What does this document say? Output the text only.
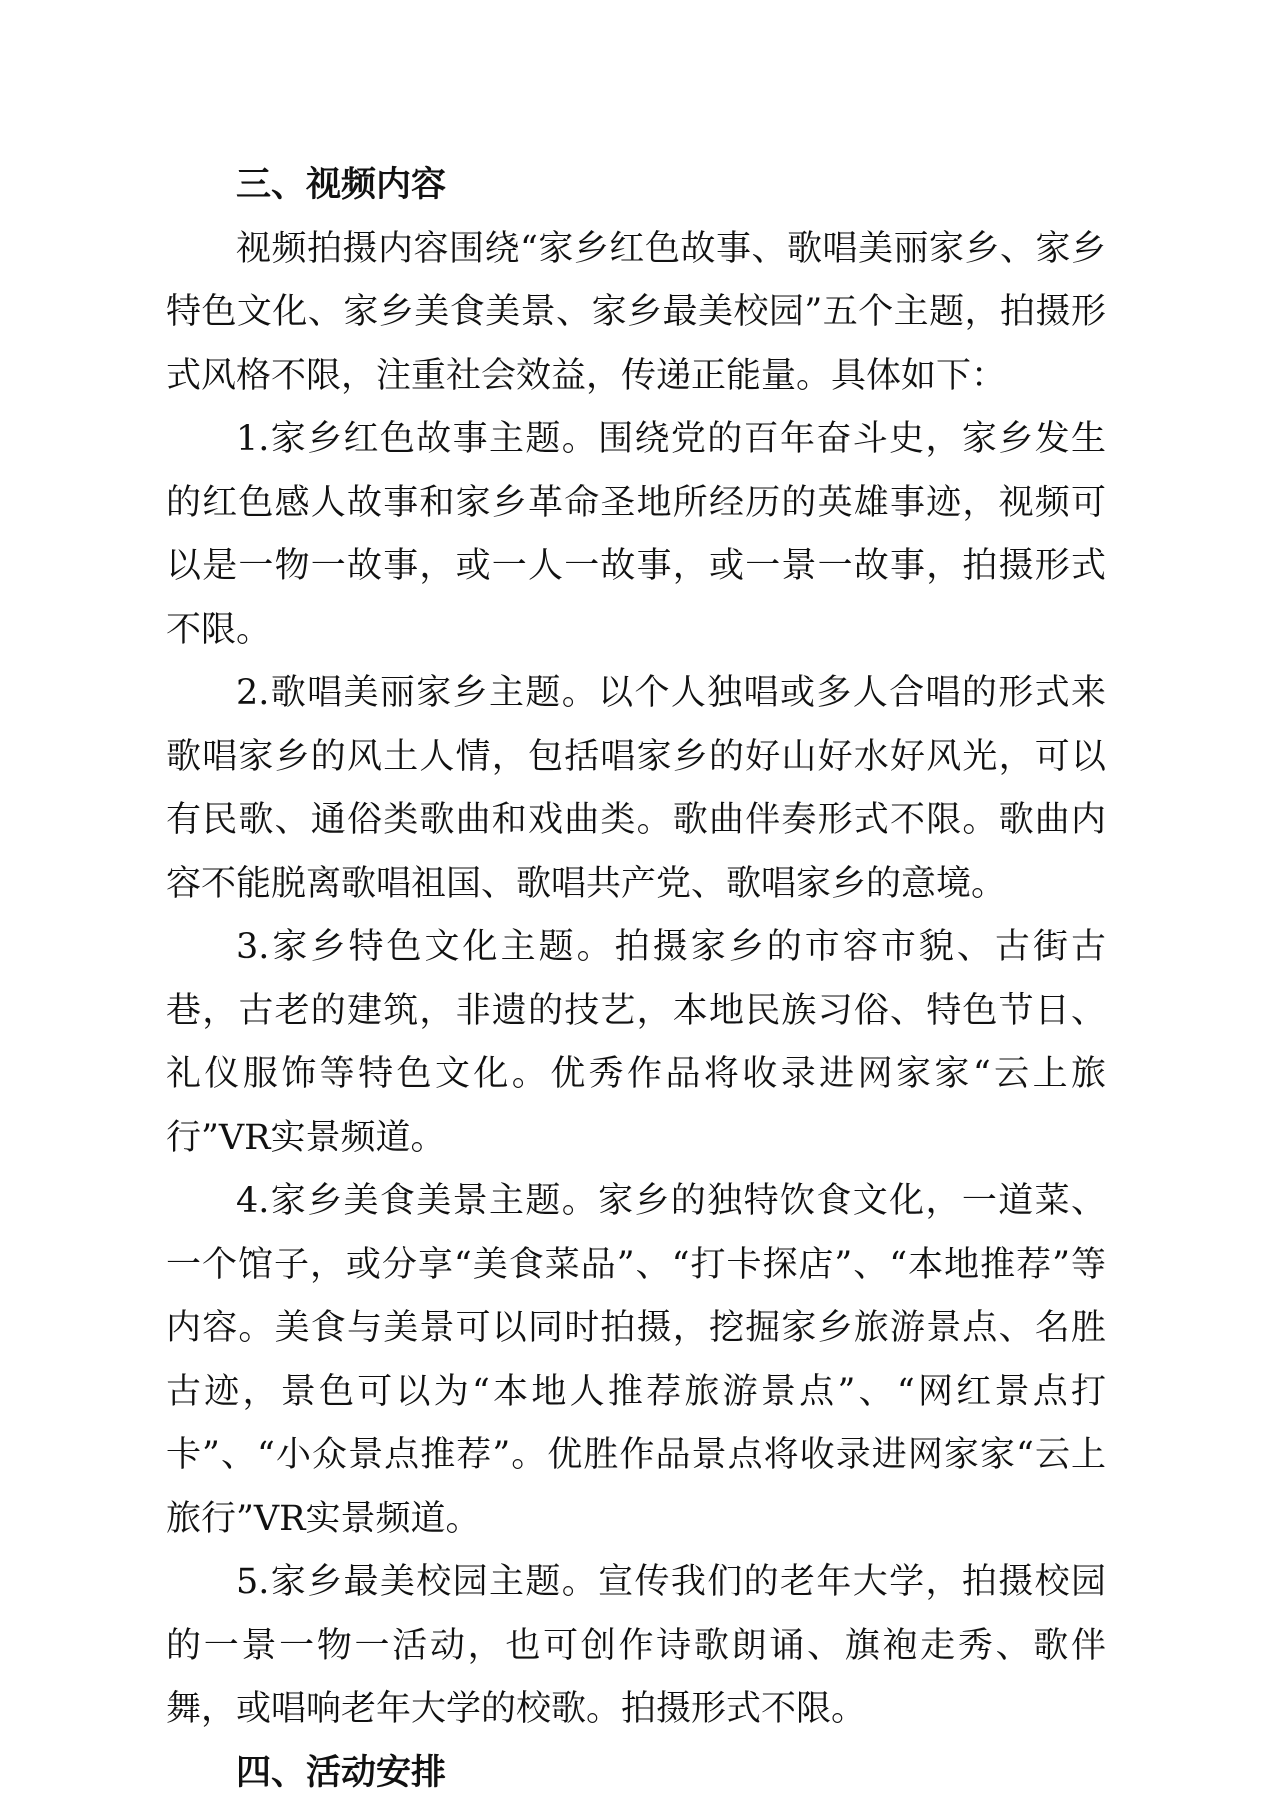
三、视频内容

视频拍摄内容围绕“家乡红色故事、歌唱美丽家乡、家乡特色文化、家乡美食美景、家乡最美校园”五个主题，拍摄形式风格不限，注重社会效益，传递正能量。具体如下：

1.家乡红色故事主题。围绕党的百年奋斗史，家乡发生的红色感人故事和家乡革命圣地所经历的英雄事迹，视频可以是一物一故事，或一人一故事，或一景一故事，拍摄形式不限。

2.歌唱美丽家乡主题。以个人独唱或多人合唱的形式来歌唱家乡的风土人情，包括唱家乡的好山好水好风光，可以有民歌、通俗类歌曲和戏曲类。歌曲伴奏形式不限。歌曲内容不能脱离歌唱祖国、歌唱共产党、歌唱家乡的意境。

3.家乡特色文化主题。拍摄家乡的市容市貌、古街古巷，古老的建筑，非遗的技艺，本地民族习俗、特色节日、礼仪服饰等特色文化。优秀作品将收录进网家家“云上旅行”VR实景频道。

4.家乡美食美景主题。家乡的独特饮食文化，一道菜、一个馆子，或分享“美食菜品”、“打卡探店”、“本地推荐”等内容。美食与美景可以同时拍摄，挖掘家乡旅游景点、名胜古迹，景色可以为“本地人推荐旅游景点”、“网红景点打卡”、“小众景点推荐”。优胜作品景点将收录进网家家“云上旅行”VR实景频道。

5.家乡最美校园主题。宣传我们的老年大学，拍摄校园的一景一物一活动，也可创作诗歌朗诵、旗袍走秀、歌伴舞，或唱响老年大学的校歌。拍摄形式不限。

四、活动安排
